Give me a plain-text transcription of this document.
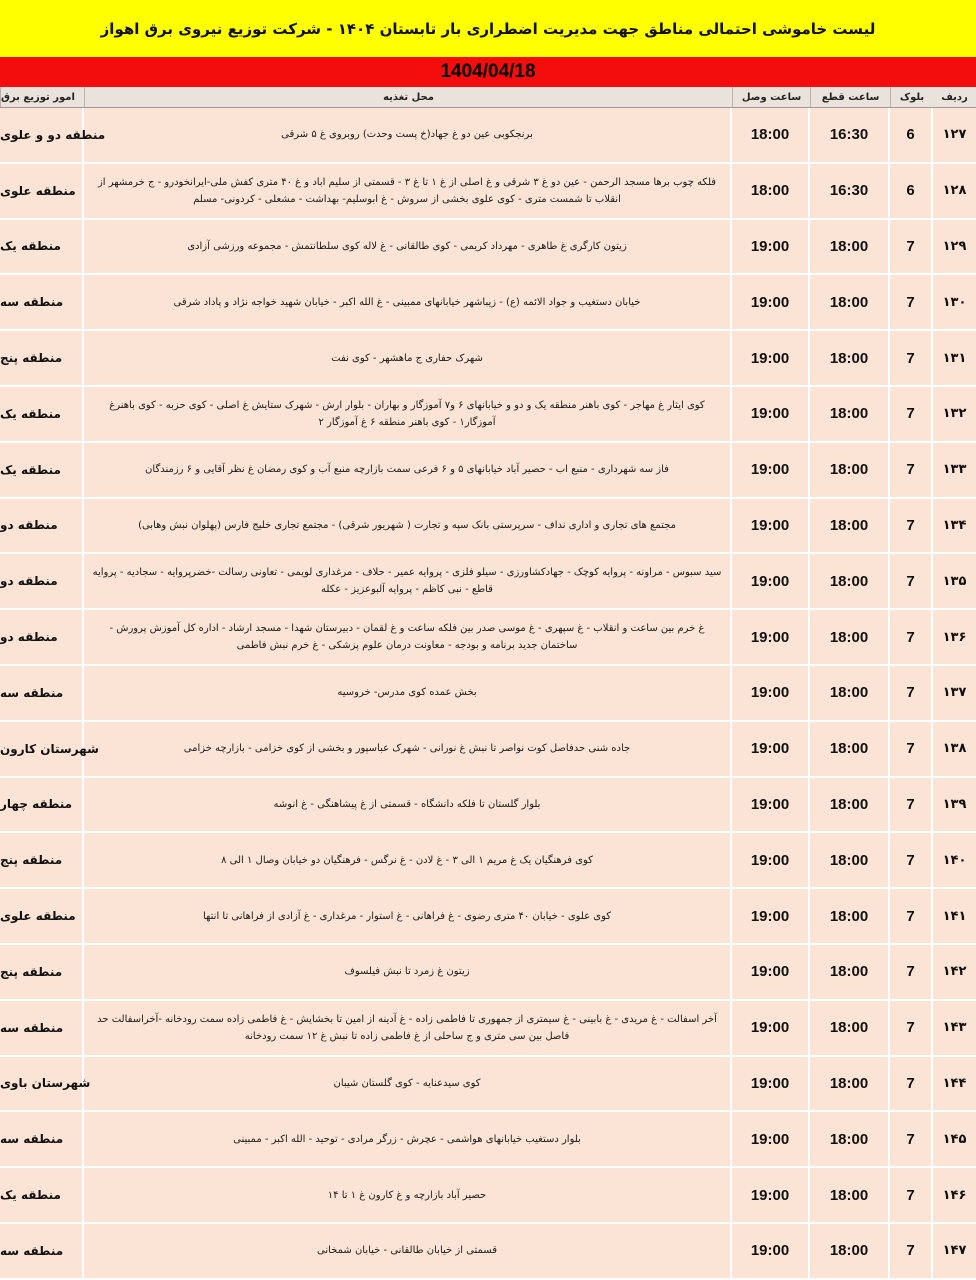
لیست خاموشی احتمالی مناطق جهت مدیریت اضطراری بار تابستان ۱۴۰۴ - شرکت توزیع نیروی برق اهواز
1404/04/18
ردیف
بلوک
ساعت قطع
ساعت وصل
محل تغذیه
امور توزیع برق
۱۲۷
6
16:30
18:00
برنجکوبی عین دو غ جهاد(خ پست وحدت) روبروی غ ۵ شرقی
منطقه دو و علوی
۱۲۸
6
16:30
18:00
فلکه چوب برها مسجد الرحمن - عین دو غ ۳ شرقی و غ اصلی از غ ۱ تا غ ۳ - قسمتی از سلیم اباد و غ ۴۰ متری کفش ملی-ایرانخودرو - ج خرمشهر از انقلاب تا شمست متری - کوی علوی بخشی از سروش - غ ابوسلیم- بهداشت - مشعلی - کردونی- مسلم
منطقه علوی
۱۲۹
7
18:00
19:00
زیتون کارگری غ طاهری - مهرداد کریمی - کوی طالقانی - غ لاله کوی سلطانتمش - مجموعه ورزشی آزادی
منطقه یک
۱۳۰
7
18:00
19:00
خیابان دستغیب و جواد الائمه (ع) - زیباشهر خیابانهای ممبینی - غ الله اکبر - خیابان شهید خواجه نژاد و پاداد شرقی
منطقه سه
۱۳۱
7
18:00
19:00
شهرک حفاری ج ماهشهر - کوی نفت
منطقه پنج
۱۳۲
7
18:00
19:00
کوی ایثار غ مهاجر - کوی باهنر منطقه یک و دو و خیابانهای ۶ و۷ آموزگار و بهاران - بلوار ارش - شهرک ستایش غ اصلی - کوی حزبه - کوی باهنرغ آموزگار۱ - کوی باهنر منطقه ۶ غ آموزگار ۲
منطقه یک
۱۳۳
7
18:00
19:00
فاز سه شهرداری - منبع اب - حصیر آباد خیابانهای ۵ و ۶ فرعی سمت بازارچه منبع آب و کوی رمضان غ نظر آقایی و ۶ رزمندگان
منطقه یک
۱۳۴
7
18:00
19:00
مجتمع های تجاری و اداری نداف - سرپرستی بانک سپه و تجارت ( شهریور شرقی) - مجتمع تجاری خلیج فارس (پهلوان نبش وهابی)
منطقه دو
۱۳۵
7
18:00
19:00
سید سبوس - مراونه - پروایه کوچک - جهادکشاورزی - سیلو فلزی - پروایه عمیر - حلاف - مرغداری لویمی - تعاونی رسالت -خضرپروایه - سجادیه - پروایه قاطع - نبی کاظم - پروایه آلبوعزیز - عکله
منطقه دو
۱۳۶
7
18:00
19:00
غ خرم بین ساعت و انقلاب - غ سپهری - غ موسی صدر بین فلکه ساعت و غ لقمان - دبیرستان شهدا - مسجد ارشاد - اداره کل آموزش پرورش - ساختمان جدید برنامه و بودجه - معاونت درمان علوم پزشکی - غ خرم نبش فاطمی
منطقه دو
۱۳۷
7
18:00
19:00
بخش عمده کوی مدرس- خروسیه
منطقه سه
۱۳۸
7
18:00
19:00
جاده شنی حدفاصل کوت نواصر تا نبش غ نورانی - شهرک عباسپور و بخشی از کوی خزامی - بازارچه خزامی
شهرستان کارون
۱۳۹
7
18:00
19:00
بلوار گلستان تا فلکه دانشگاه - قسمتی از غ پیشاهنگی - غ انوشه
منطقه چهار
۱۴۰
7
18:00
19:00
کوی فرهنگیان یک غ مریم ۱ الی ۳ - غ لادن - غ نرگس - فرهنگیان دو خیابان وصال ۱ الی ۸
منطقه پنج
۱۴۱
7
18:00
19:00
کوی علوی - خیابان ۴۰ متری رضوی - غ فراهانی - غ استوار - مرغداری - غ آزادی از فراهانی تا انتها
منطقه علوی
۱۴۲
7
18:00
19:00
زیتون غ زمرد تا نبش فیلسوف
منطقه پنج
۱۴۳
7
18:00
19:00
آخر اسفالت - غ مریدی - غ بابینی - غ سیمتری از جمهوری تا فاطمی زاده - غ آدینه از امین تا بخشایش - غ فاطمی زاده سمت رودخانه -آخراسفالت حد فاصل بین سی متری و ج ساحلی از غ فاطمی زاده تا نبش غ ۱۲ سمت رودخانه
منطقه سه
۱۴۴
7
18:00
19:00
کوی سیدعنایه - کوی گلستان شیبان
شهرستان باوی
۱۴۵
7
18:00
19:00
بلوار دستغیب خیابانهای هواشمی - عچرش - زرگر مرادی - توحید - الله اکبر - ممبینی
منطقه سه
۱۴۶
7
18:00
19:00
حصیر آباد بازارچه و غ کارون غ ۱ تا ۱۴
منطقه یک
۱۴۷
7
18:00
19:00
قسمتی از خیابان طالقانی - خیابان شمخانی
منطقه سه
